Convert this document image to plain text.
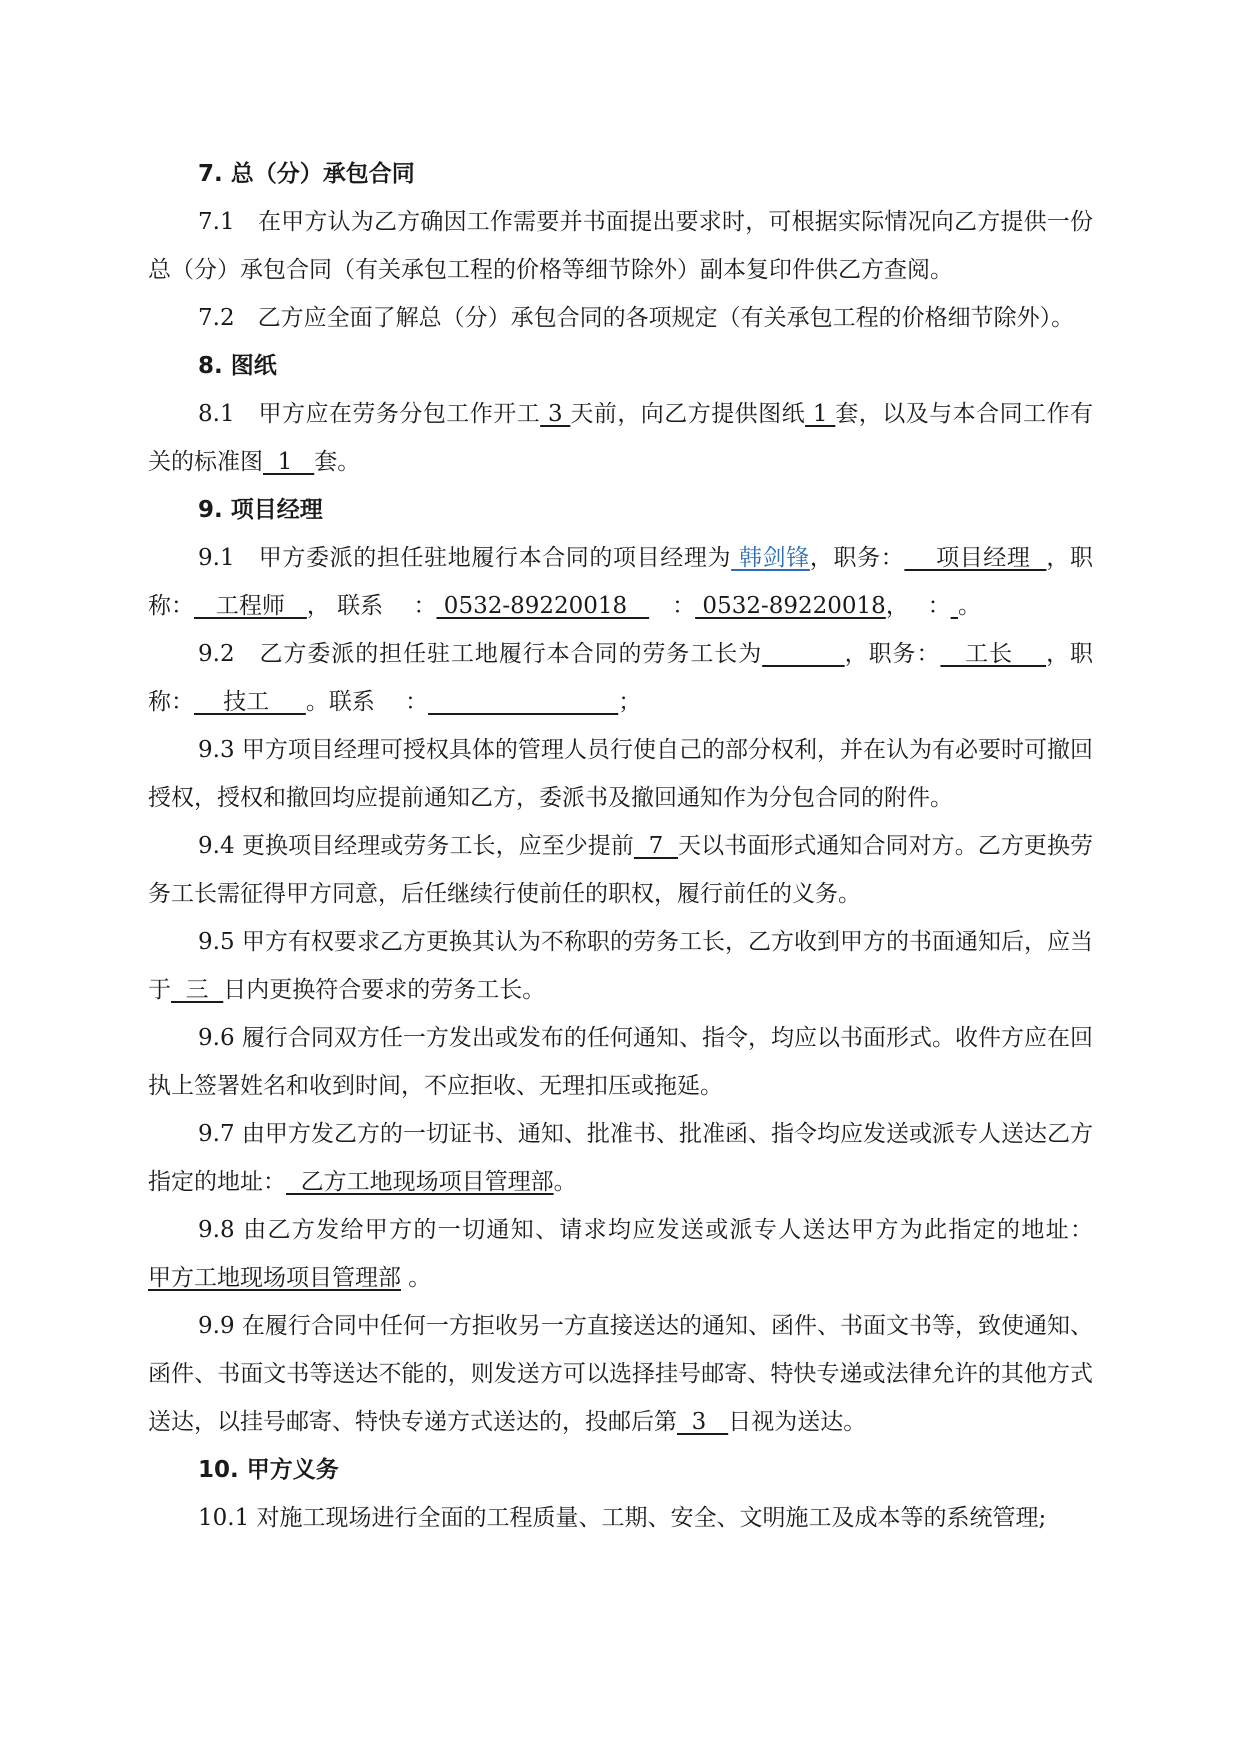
7. 总（分）承包合同

7.1　在甲方认为乙方确因工作需要并书面提出要求时，可根据实际情况向乙方提供一份总（分）承包合同（有关承包工程的价格等细节除外）副本复印件供乙方查阅。

7.2　乙方应全面了解总（分）承包合同的各项规定（有关承包工程的价格细节除外）。

8. 图纸

8.1　甲方应在劳务分包工作开工 3 天前，向乙方提供图纸 1 套，以及与本合同工作有关的标准图  1   套。

9. 项目经理

9.1　甲方委派的担任驻地履行本合同的项目经理为 韩剑锋，职务：    项目经理  ，职称：   工程师   ， 联系　 ： 0532-89220018   　： 0532-89220018，　 ： 。

9.2　乙方委派的担任驻工地履行本合同的劳务工长为	，职务：   工长    ，职称：    技工     。联系　 ：	；

9.3 甲方项目经理可授权具体的管理人员行使自己的部分权利，并在认为有必要时可撤回授权，授权和撤回均应提前通知乙方，委派书及撤回通知作为分包合同的附件。

9.4 更换项目经理或劳务工长，应至少提前  7  天以书面形式通知合同对方。乙方更换劳务工长需征得甲方同意，后任继续行使前任的职权，履行前任的义务。

9.5 甲方有权要求乙方更换其认为不称职的劳务工长，乙方收到甲方的书面通知后，应当于  三  日内更换符合要求的劳务工长。

9.6 履行合同双方任一方发出或发布的任何通知、指令，均应以书面形式。收件方应在回执上签署姓名和收到时间，不应拒收、无理扣压或拖延。

9.7 由甲方发乙方的一切证书、通知、批准书、批准函、指令均应发送或派专人送达乙方指定的地址：  乙方工地现场项目管理部。

9.8 由乙方发给甲方的一切通知、请求均应发送或派专人送达甲方为此指定的地址：甲方工地现场项目管理部 。

9.9 在履行合同中任何一方拒收另一方直接送达的通知、函件、书面文书等，致使通知、函件、书面文书等送达不能的，则发送方可以选择挂号邮寄、特快专递或法律允许的其他方式送达，以挂号邮寄、特快专递方式送达的，投邮后第  3   日视为送达。

10. 甲方义务

10.1 对施工现场进行全面的工程质量、工期、安全、文明施工及成本等的系统管理;
